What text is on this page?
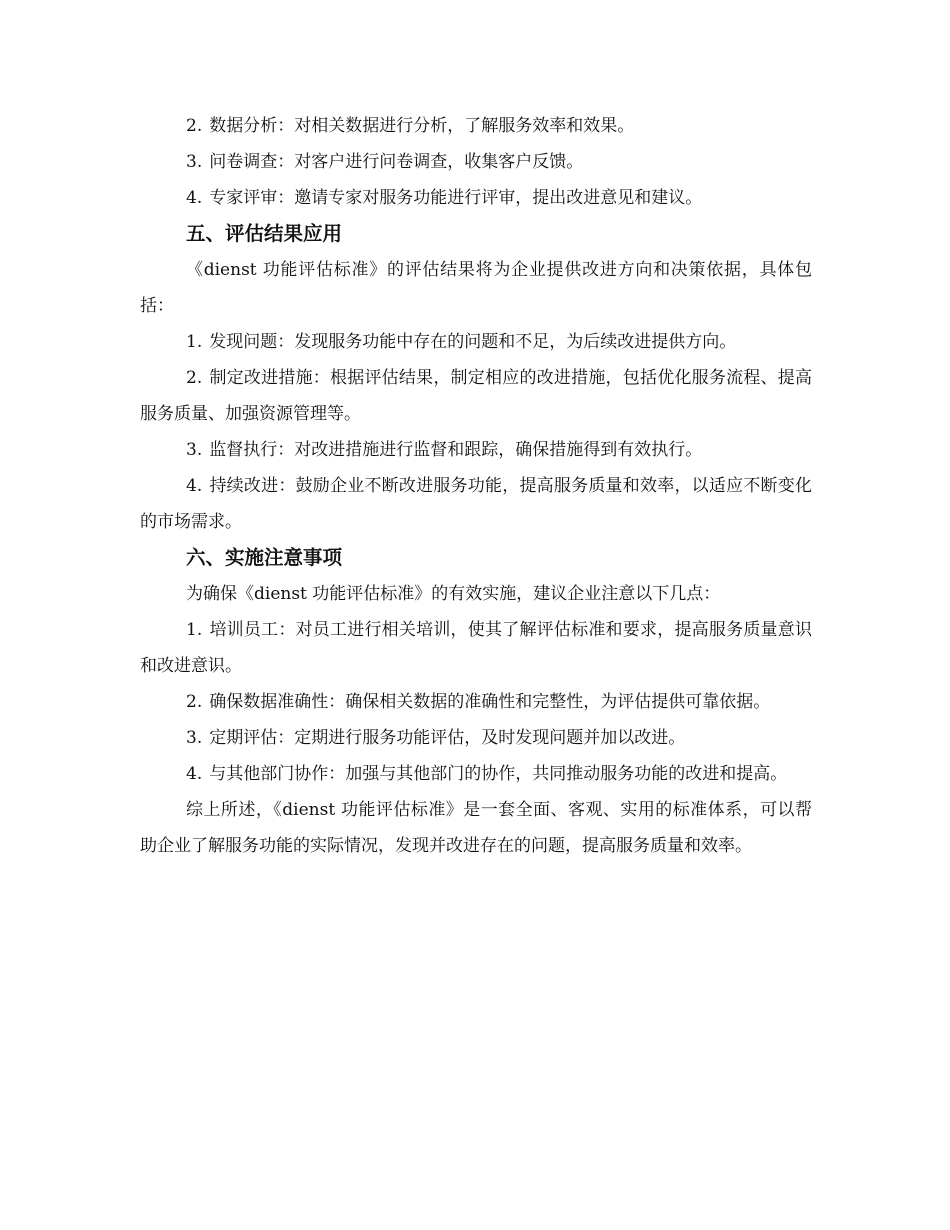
2. 数据分析：对相关数据进行分析，了解服务效率和效果。

3. 问卷调查：对客户进行问卷调查，收集客户反馈。

4. 专家评审：邀请专家对服务功能进行评审，提出改进意见和建议。

五、评估结果应用

《dienst 功能评估标准》的评估结果将为企业提供改进方向和决策依据，具体包括：

1. 发现问题：发现服务功能中存在的问题和不足，为后续改进提供方向。

2. 制定改进措施：根据评估结果，制定相应的改进措施，包括优化服务流程、提高服务质量、加强资源管理等。

3. 监督执行：对改进措施进行监督和跟踪，确保措施得到有效执行。

4. 持续改进：鼓励企业不断改进服务功能，提高服务质量和效率，以适应不断变化的市场需求。

六、实施注意事项

为确保《dienst 功能评估标准》的有效实施，建议企业注意以下几点：

1. 培训员工：对员工进行相关培训，使其了解评估标准和要求，提高服务质量意识和改进意识。

2. 确保数据准确性：确保相关数据的准确性和完整性，为评估提供可靠依据。

3. 定期评估：定期进行服务功能评估，及时发现问题并加以改进。

4. 与其他部门协作：加强与其他部门的协作，共同推动服务功能的改进和提高。

综上所述，《dienst 功能评估标准》是一套全面、客观、实用的标准体系，可以帮助企业了解服务功能的实际情况，发现并改进存在的问题，提高服务质量和效率。
